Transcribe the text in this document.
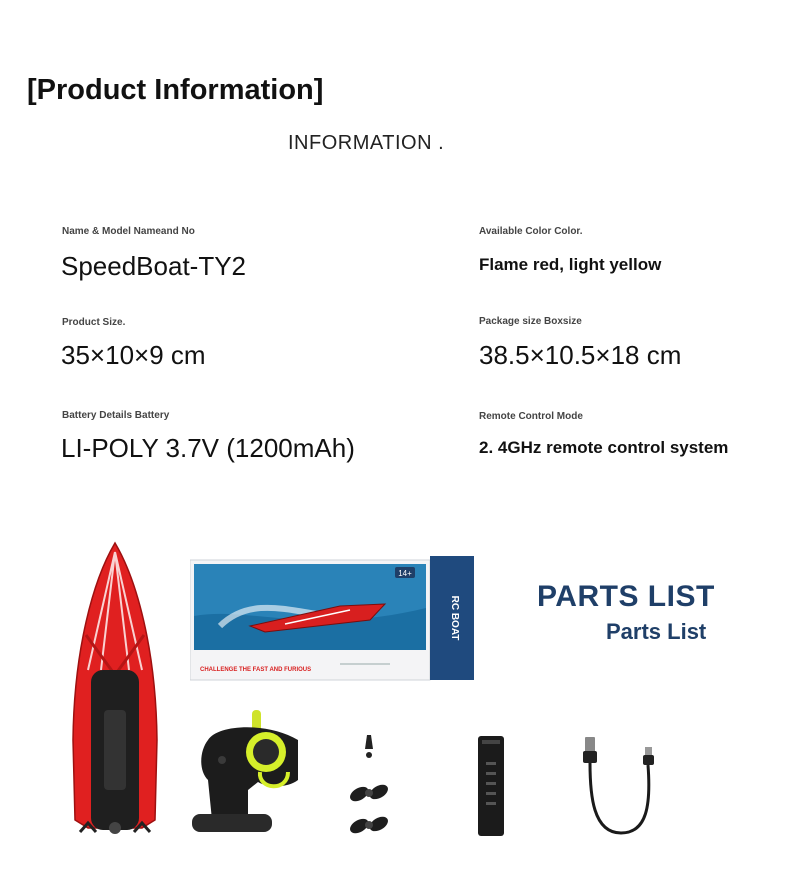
[Product Information]
INFORMATION .
Name & Model Nameand No
SpeedBoat-TY2
Available Color Color.
Flame red, light yellow
Product Size.
35×10×9 cm
Package size Boxsize
38.5×10.5×18 cm
Battery Details Battery
LI-POLY 3.7V (1200mAh)
Remote Control Mode
2. 4GHz remote control system
PARTS LIST
Parts List
14+
CHALLENGE THE FAST AND FURIOUS
RC BOAT
